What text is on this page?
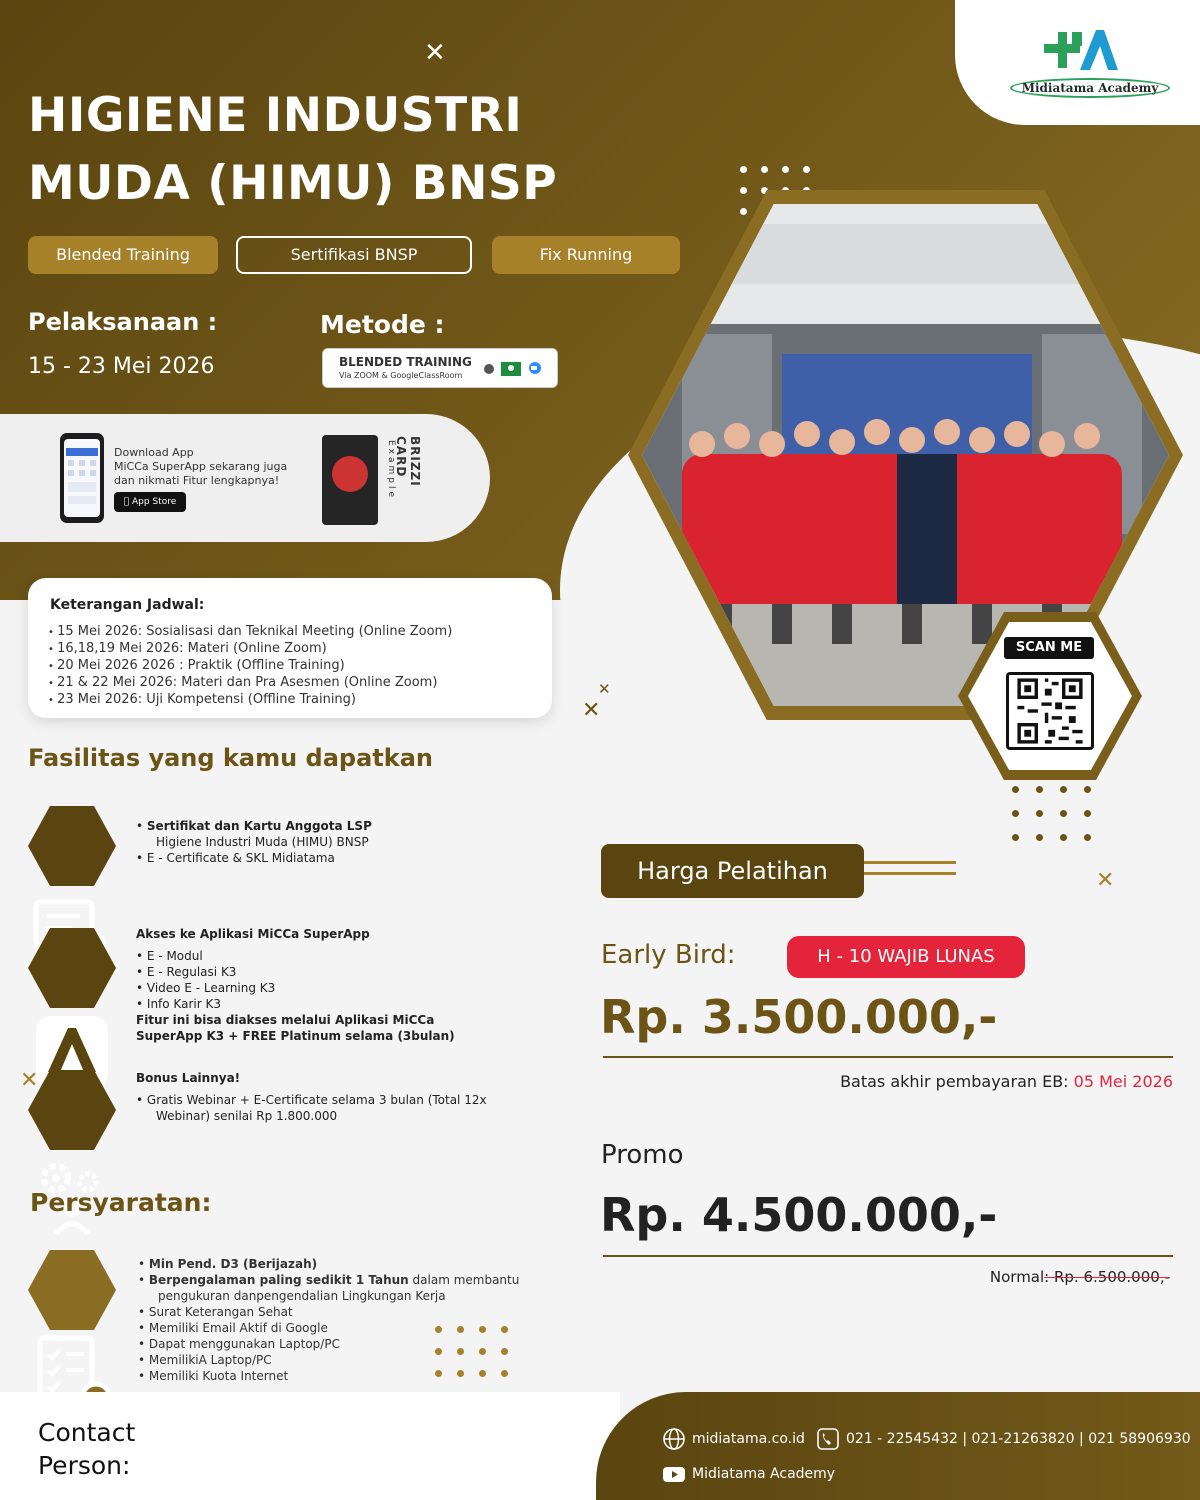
Midiatama Academy
✕
HIGIENE INDUSTRI
MUDA (HIMU) BNSP
Blended Training	Sertifikasi BNSP	Fix Running
Pelaksanaan :
15 - 23 Mei 2026
Metode :
BLENDED TRAINING
Via ZOOM & GoogleClassRoom
Download App
MiCCa SuperApp sekarang juga
dan nikmati Fitur lengkapnya!
App Store
BRIZZI CARD
Example
Keterangan Jadwal:
• 15 Mei 2026: Sosialisasi dan Teknikal Meeting (Online Zoom)
• 16,18,19 Mei 2026: Materi (Online Zoom)
• 20 Mei 2026 2026 : Praktik (Offline Training)
• 21 & 22 Mei 2026: Materi dan Pra Asesmen (Online Zoom)
• 23 Mei 2026: Uji Kompetensi (Offline Training)	✕
✕
SCAN ME
Fasilitas yang kamu dapatkan
• Sertifikat dan Kartu Anggota LSP
Higiene Industri Muda (HIMU) BNSP
• E - Certificate & SKL Midiatama
Akses ke Aplikasi MiCCa SuperApp
• E - Modul
• E - Regulasi K3
• Video E - Learning K3
• Info Karir K3
Fitur ini bisa diakses melalui Aplikasi MiCCa
SuperApp K3 + FREE Platinum selama (3bulan)
✕	Bonus Lainnya!
• Gratis Webinar + E-Certificate selama 3 bulan (Total 12x
Webinar) senilai Rp 1.800.000
Persyaratan:
• Min Pend. D3 (Berijazah)
• Berpengalaman paling sedikit 1 Tahun dalam membantu
pengukuran danpengendalian Lingkungan Kerja
• Surat Keterangan Sehat
• Memiliki Email Aktif di Google
• Dapat menggunakan Laptop/PC
• MemilikiA Laptop/PC
• Memiliki Kuota Internet
Harga Pelatihan	✕
Early Bird:	H - 10 WAJIB LUNAS
Rp. 3.500.000,-
Batas akhir pembayaran EB: 05 Mei 2026
Promo
Rp. 4.500.000,-
Normal: Rp. 6.500.000,-
Contact
Person:
midiatama.co.id	021 - 22545432 | 021-21263820 | 021 58906930
Midiatama Academy
